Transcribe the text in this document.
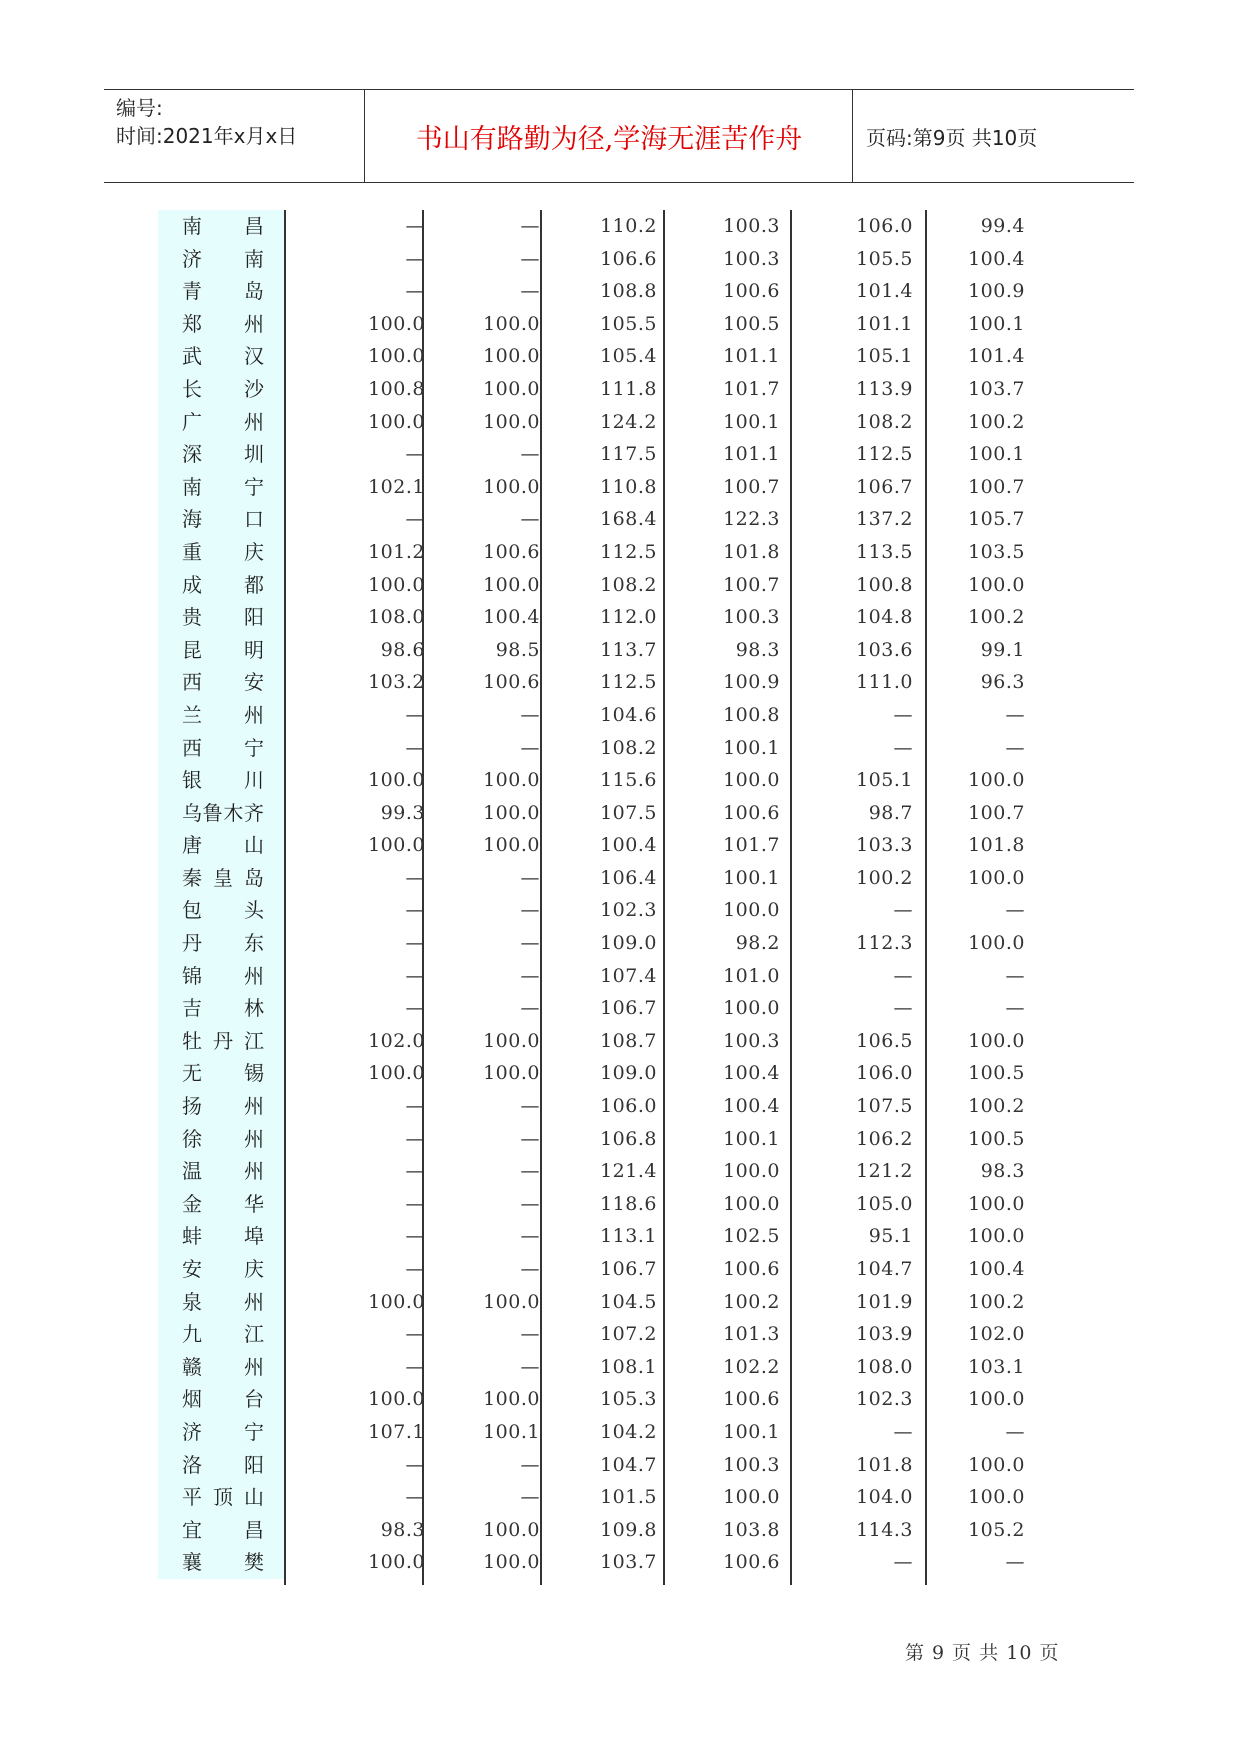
编号:
时间:2021年x月x日	书山有路勤为径,学海无涯苦作舟	页码:第9页 共10页
南昌	—	—	110.2	100.3	106.0	99.4
济南	—	—	106.6	100.3	105.5	100.4
青岛	—	—	108.8	100.6	101.4	100.9
郑州	100.0	100.0	105.5	100.5	101.1	100.1
武汉	100.0	100.0	105.4	101.1	105.1	101.4
长沙	100.8	100.0	111.8	101.7	113.9	103.7
广州	100.0	100.0	124.2	100.1	108.2	100.2
深圳	—	—	117.5	101.1	112.5	100.1
南宁	102.1	100.0	110.8	100.7	106.7	100.7
海口	—	—	168.4	122.3	137.2	105.7
重庆	101.2	100.6	112.5	101.8	113.5	103.5
成都	100.0	100.0	108.2	100.7	100.8	100.0
贵阳	108.0	100.4	112.0	100.3	104.8	100.2
昆明	98.6	98.5	113.7	98.3	103.6	99.1
西安	103.2	100.6	112.5	100.9	111.0	96.3
兰州	—	—	104.6	100.8	—	—
西宁	—	—	108.2	100.1	—	—
银川	100.0	100.0	115.6	100.0	105.1	100.0
乌鲁木齐	99.3	100.0	107.5	100.6	98.7	100.7
唐山	100.0	100.0	100.4	101.7	103.3	101.8
秦皇岛	—	—	106.4	100.1	100.2	100.0
包头	—	—	102.3	100.0	—	—
丹东	—	—	109.0	98.2	112.3	100.0
锦州	—	—	107.4	101.0	—	—
吉林	—	—	106.7	100.0	—	—
牡丹江	102.0	100.0	108.7	100.3	106.5	100.0
无锡	100.0	100.0	109.0	100.4	106.0	100.5
扬州	—	—	106.0	100.4	107.5	100.2
徐州	—	—	106.8	100.1	106.2	100.5
温州	—	—	121.4	100.0	121.2	98.3
金华	—	—	118.6	100.0	105.0	100.0
蚌埠	—	—	113.1	102.5	95.1	100.0
安庆	—	—	106.7	100.6	104.7	100.4
泉州	100.0	100.0	104.5	100.2	101.9	100.2
九江	—	—	107.2	101.3	103.9	102.0
赣州	—	—	108.1	102.2	108.0	103.1
烟台	100.0	100.0	105.3	100.6	102.3	100.0
济宁	107.1	100.1	104.2	100.1	—	—
洛阳	—	—	104.7	100.3	101.8	100.0
平顶山	—	—	101.5	100.0	104.0	100.0
宜昌	98.3	100.0	109.8	103.8	114.3	105.2
襄樊	100.0	100.0	103.7	100.6	—	—
第 9 页 共 10 页
